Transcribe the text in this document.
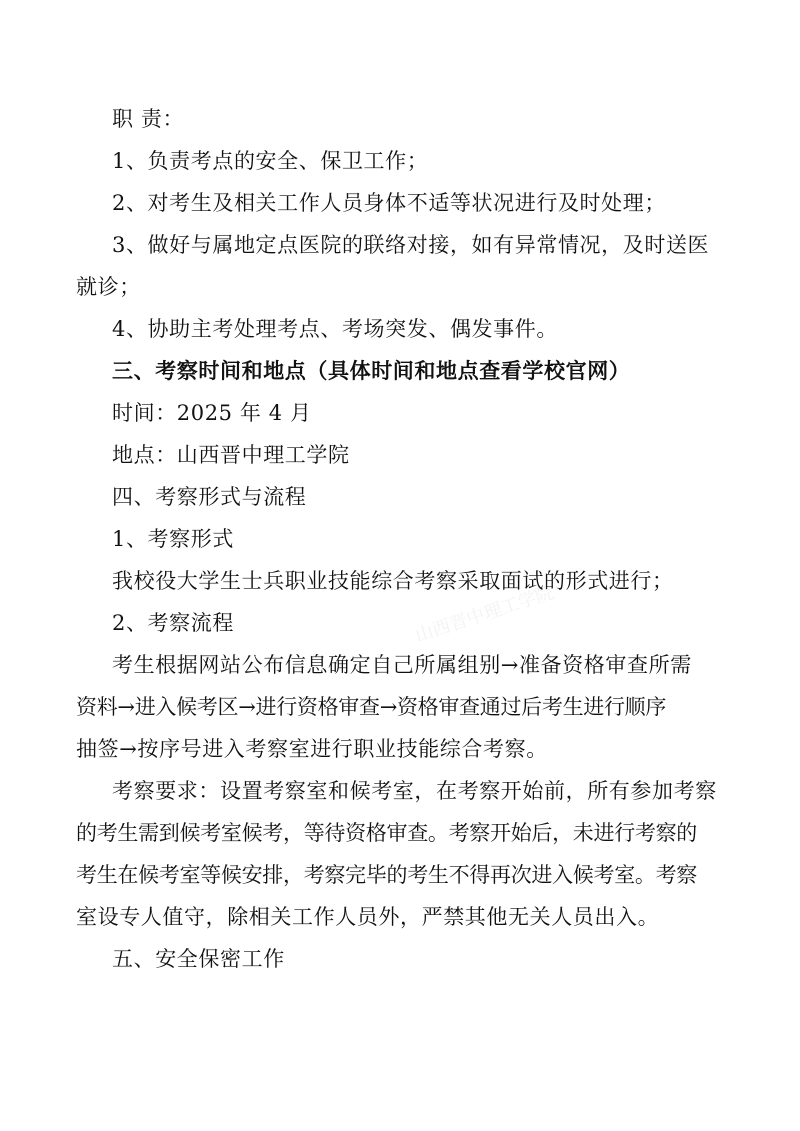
职 责：
1、负责考点的安全、保卫工作；
2、对考生及相关工作人员身体不适等状况进行及时处理；
3、做好与属地定点医院的联络对接，如有异常情况，及时送医
就诊；
4、协助主考处理考点、考场突发、偶发事件。
三、考察时间和地点（具体时间和地点查看学校官网）
时间：2025 年 4 月
地点：山西晋中理工学院
四、考察形式与流程
1、考察形式
我校役大学生士兵职业技能综合考察采取面试的形式进行；
2、考察流程
考生根据网站公布信息确定自己所属组别→准备资格审查所需
资料→进入候考区→进行资格审查→资格审查通过后考生进行顺序
抽签→按序号进入考察室进行职业技能综合考察。
考察要求：设置考察室和候考室，在考察开始前，所有参加考察
的考生需到候考室候考，等待资格审查。考察开始后，未进行考察的
考生在候考室等候安排，考察完毕的考生不得再次进入候考室。考察
室设专人值守，除相关工作人员外，严禁其他无关人员出入。
五、安全保密工作
山西晋中理工学院
